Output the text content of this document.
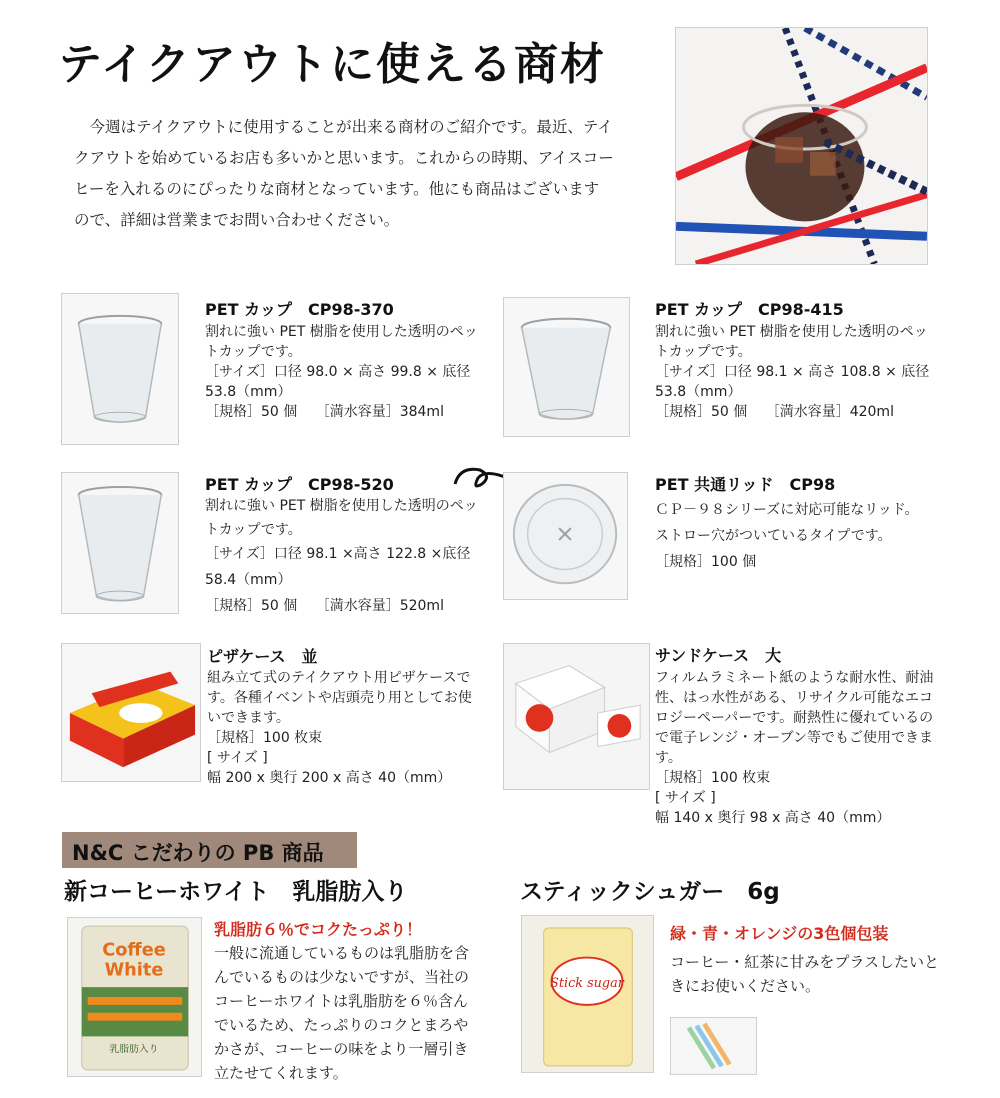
テイクアウトに使える商材

今週はテイクアウトに使用することが出来る商材のご紹介です。最近、テイクアウトを始めているお店も多いかと思います。これからの時期、アイスコーヒーを入れるのにぴったりな商材となっています。他にも商品はございますので、詳細は営業までお問い合わせください。

PET カップ　CP98-370
割れに強い PET 樹脂を使用した透明のペットカップです。
［サイズ］口径 98.0 × 高さ 99.8 × 底径 53.8（mm）
［規格］50 個　 ［満水容量］384ml
PET カップ　CP98-415
割れに強い PET 樹脂を使用した透明のペットカップです。
［サイズ］口径 98.1 × 高さ 108.8 × 底径 53.8（mm）
［規格］50 個　 ［満水容量］420ml
PET カップ　CP98-520
割れに強い PET 樹脂を使用した透明のペットカップです。
［サイズ］口径 98.1 ×高さ 122.8 ×底径
58.4（mm）
［規格］50 個　 ［満水容量］520ml
PET 共通リッド　CP98
ＣＰ－９８シリーズに対応可能なリッド。
ストロー穴がついているタイプです。
［規格］100 個
ピザケース　並
組み立て式のテイクアウト用ピザケースです。各種イベントや店頭売り用としてお使いできます。
［規格］100 枚束
[ サイズ ]
幅 200 x 奥行 200 x 高さ 40（mm）
サンドケース　大
フィルムラミネート紙のような耐水性、耐油性、はっ水性がある、リサイクル可能なエコロジーペーパーです。耐熱性に優れているので電子レンジ・オーブン等でもご使用できます。
［規格］100 枚束
[ サイズ ]
幅 140 x 奥行 98 x 高さ 40（mm）
N&C こだわりの PB 商品
新コーヒーホワイト　乳脂肪入り
Coffee
White
乳脂肪入り
乳脂肪６％でコクたっぷり！
一般に流通しているものは乳脂肪を含んでいるものは少ないですが、当社のコーヒーホワイトは乳脂肪を６％含んでいるため、たっぷりのコクとまろやかさが、コーヒーの味をより一層引き立たせてくれます。
スティックシュガー　6g
Stick sugar
緑・青・オレンジの3色個包装
コーヒー・紅茶に甘みをプラスしたいときにお使いください。
